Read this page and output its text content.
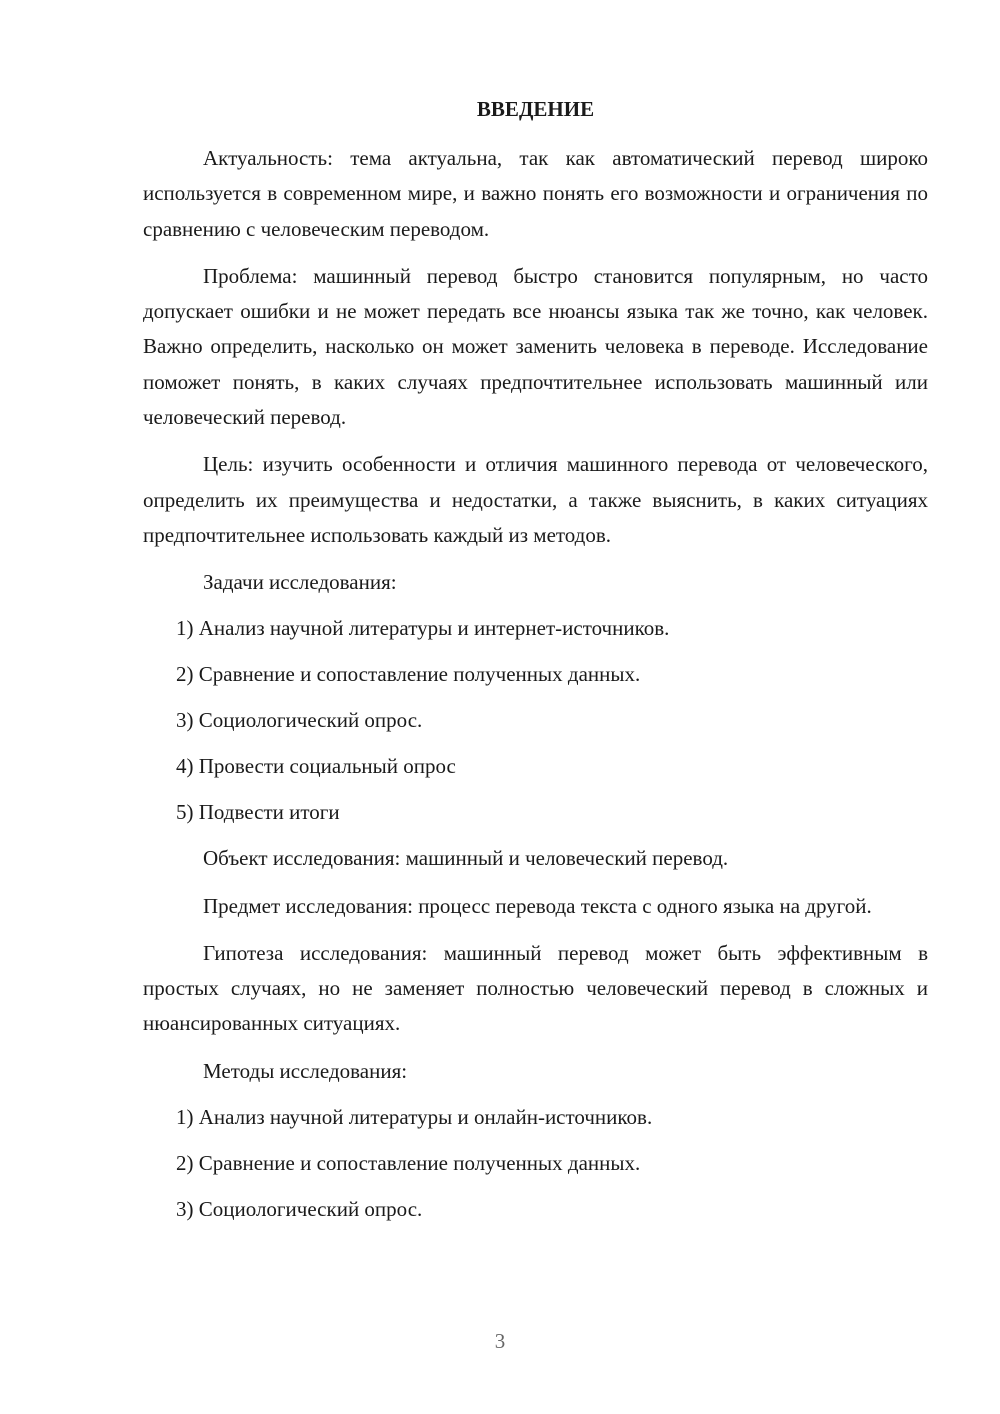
ВВЕДЕНИЕ

Актуальность: тема актуальна, так как автоматический перевод широко используется в современном мире, и важно понять его возможности и ограничения по сравнению с человеческим переводом.

Проблема: машинный перевод быстро становится популярным, но часто допускает ошибки и не может передать все нюансы языка так же точно, как человек. Важно определить, насколько он может заменить человека в переводе. Исследование поможет понять, в каких случаях предпочтительнее использовать машинный или человеческий перевод.

Цель: изучить особенности и отличия машинного перевода от человеческого, определить их преимущества и недостатки, а также выяснить, в каких ситуациях предпочтительнее использовать каждый из методов.

Задачи исследования:
1) Анализ научной литературы и интернет-источников.
2) Сравнение и сопоставление полученных данных.
3) Социологический опрос.
4) Провести социальный опрос
5) Подвести итоги

Объект исследования: машинный и человеческий перевод.

Предмет исследования: процесс перевода текста с одного языка на другой.

Гипотеза исследования: машинный перевод может быть эффективным в простых случаях, но не заменяет полностью человеческий перевод в сложных и нюансированных ситуациях.

Методы исследования:
1) Анализ научной литературы и онлайн-источников.
2) Сравнение и сопоставление полученных данных.
3) Социологический опрос.
3
